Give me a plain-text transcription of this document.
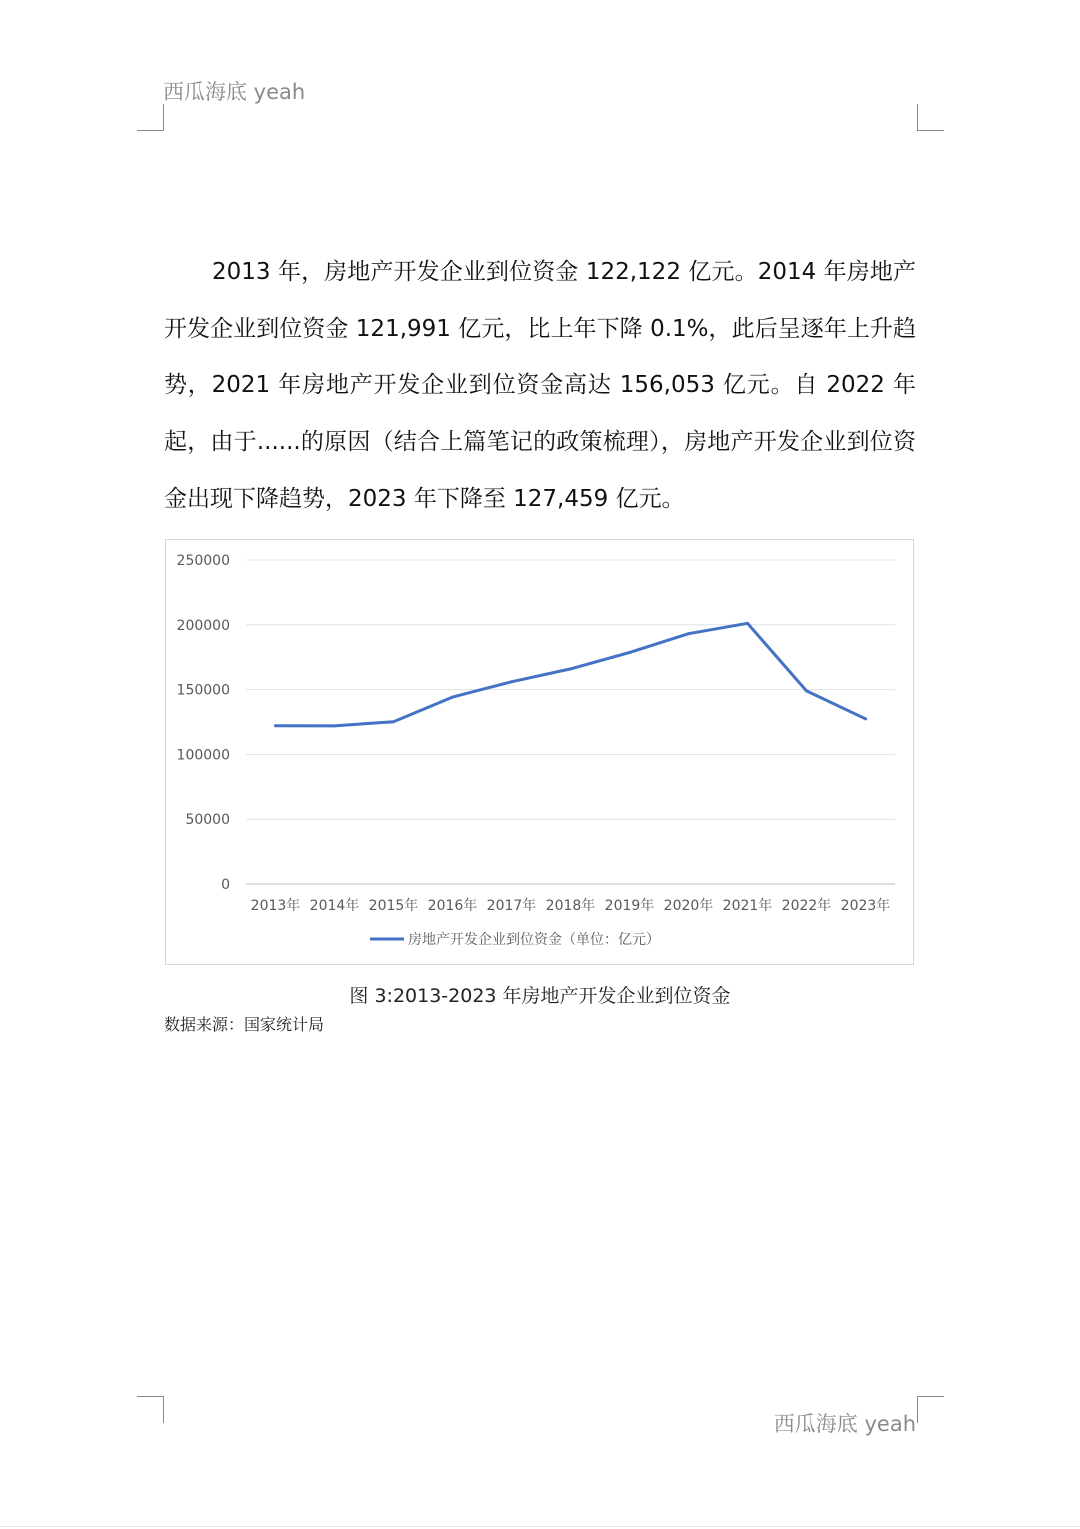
西瓜海底 yeah

2013 年，房地产开发企业到位资金 122,122 亿元。2014 年房地产开发企业到位资金 121,991 亿元，比上年下降 0.1%，此后呈逐年上升趋势，2021 年房地产开发企业到位资金高达 156,053 亿元。自 2022 年起，由于......的原因（结合上篇笔记的政策梳理），房地产开发企业到位资金出现下降趋势，2023 年下降至 127,459 亿元。

0
50000
100000
150000
200000
250000
2013年 2014年 2015年 2016年 2017年 2018年 2019年 2020年 2021年 2022年 2023年
房地产开发企业到位资金（单位：亿元）
图 3:2013-2023 年房地产开发企业到位资金
数据来源：国家统计局
西瓜海底 yeah
